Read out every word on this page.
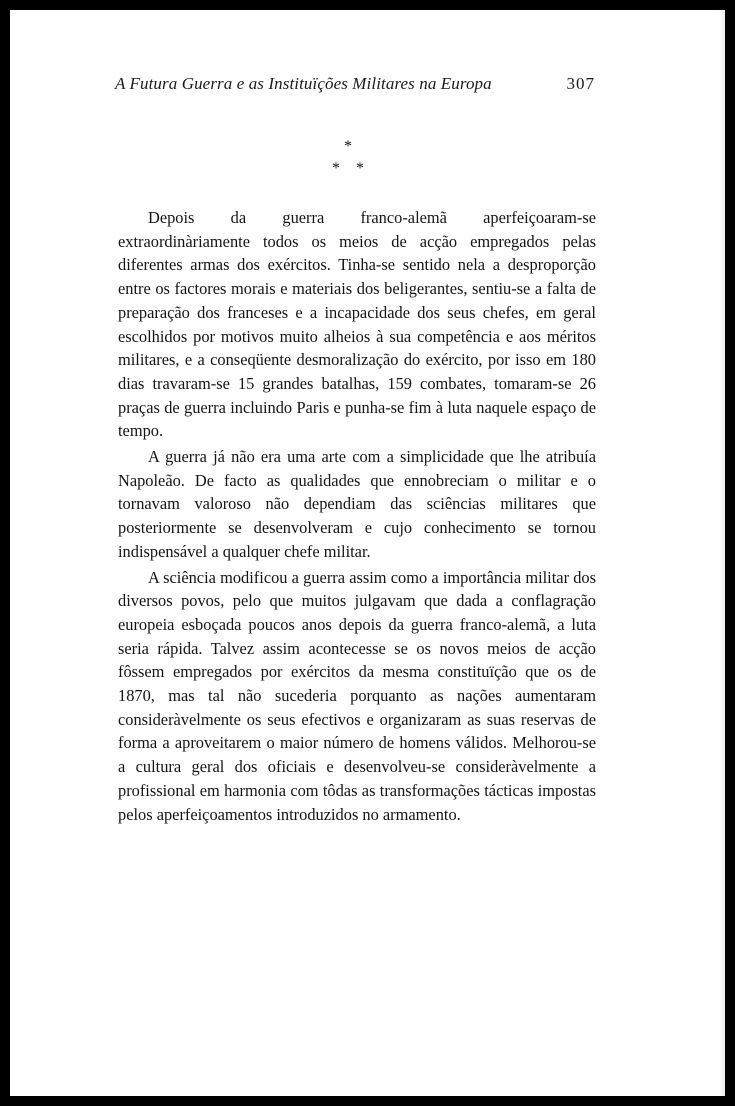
A Futura Guerra e as Instituïções Militares na Europa	307
*
* *

Depois da guerra franco-alemã aperfeiçoaram-se extraordinàriamente todos os meios de acção empregados pelas diferentes armas dos exércitos. Tinha-se sentido nela a desproporção entre os factores morais e materiais dos beligerantes, sentiu-se a falta de preparação dos franceses e a incapacidade dos seus chefes, em geral escolhidos por motivos muito alheios à sua competência e aos méritos militares, e a conseqüente desmoralização do exército, por isso em 180 dias travaram-se 15 grandes batalhas, 159 combates, tomaram-se 26 praças de guerra incluindo Paris e punha-se fim à luta naquele espaço de tempo.

A guerra já não era uma arte com a simplicidade que lhe atribuía Napoleão. De facto as qualidades que ennobreciam o militar e o tornavam valoroso não dependiam das sciências militares que posteriormente se desenvolveram e cujo conhecimento se tornou indispensável a qualquer chefe militar.

A sciência modificou a guerra assim como a importância militar dos diversos povos, pelo que muitos julgavam que dada a conflagração europeia esboçada poucos anos depois da guerra franco-alemã, a luta seria rápida. Talvez assim acontecesse se os novos meios de acção fôssem empregados por exércitos da mesma constituïção que os de 1870, mas tal não sucederia porquanto as nações aumentaram consideràvelmente os seus efectivos e organizaram as suas reservas de forma a aproveitarem o maior número de homens válidos. Melhorou-se a cultura geral dos oficiais e desenvolveu-se consideràvelmente a profissional em harmonia com tôdas as transformações tácticas impostas pelos aperfeiçoamentos introduzidos no armamento.
